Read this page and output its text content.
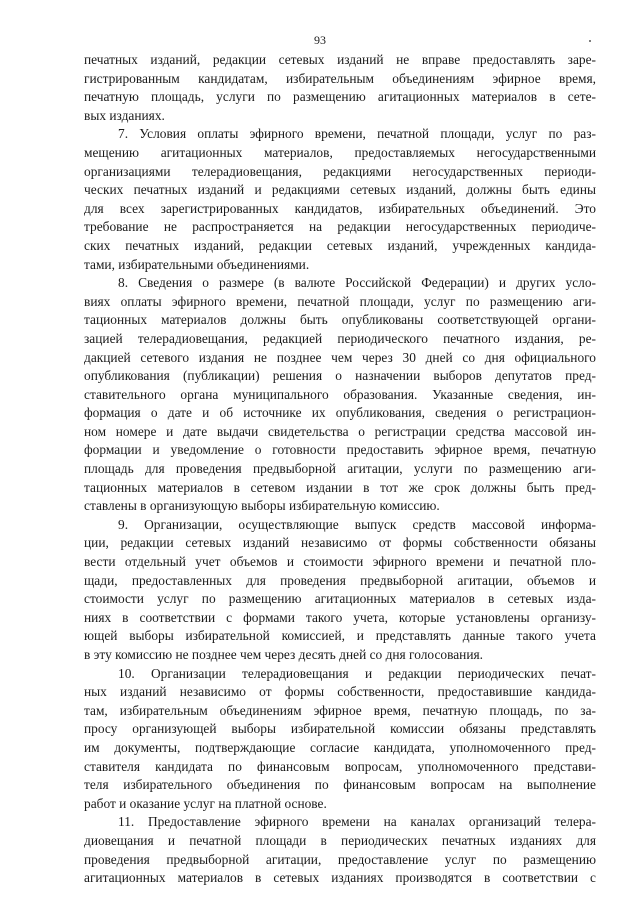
93
печатных изданий, редакции сетевых изданий не вправе предоставлять заре-
гистрированным кандидатам, избирательным объединениям эфирное время,
печатную площадь, услуги по размещению агитационных материалов в сете-
вых изданиях.
7. Условия оплаты эфирного времени, печатной площади, услуг по раз-
мещению агитационных материалов, предоставляемых негосударственными
организациями телерадиовещания, редакциями негосударственных периоди-
ческих печатных изданий и редакциями сетевых изданий, должны быть едины
для всех зарегистрированных кандидатов, избирательных объединений. Это
требование не распространяется на редакции негосударственных периодиче-
ских печатных изданий, редакции сетевых изданий, учрежденных кандида-
тами, избирательными объединениями.
8. Сведения о размере (в валюте Российской Федерации) и других усло-
виях оплаты эфирного времени, печатной площади, услуг по размещению аги-
тационных материалов должны быть опубликованы соответствующей органи-
зацией телерадиовещания, редакцией периодического печатного издания, ре-
дакцией сетевого издания не позднее чем через 30 дней со дня официального
опубликования (публикации) решения о назначении выборов депутатов пред-
ставительного органа муниципального образования. Указанные сведения, ин-
формация о дате и об источнике их опубликования, сведения о регистрацион-
ном номере и дате выдачи свидетельства о регистрации средства массовой ин-
формации и уведомление о готовности предоставить эфирное время, печатную
площадь для проведения предвыборной агитации, услуги по размещению аги-
тационных материалов в сетевом издании в тот же срок должны быть пред-
ставлены в организующую выборы избирательную комиссию.
9. Организации, осуществляющие выпуск средств массовой информа-
ции, редакции сетевых изданий независимо от формы собственности обязаны
вести отдельный учет объемов и стоимости эфирного времени и печатной пло-
щади, предоставленных для проведения предвыборной агитации, объемов и
стоимости услуг по размещению агитационных материалов в сетевых изда-
ниях в соответствии с формами такого учета, которые установлены организу-
ющей выборы избирательной комиссией, и представлять данные такого учета
в эту комиссию не позднее чем через десять дней со дня голосования.
10. Организации телерадиовещания и редакции периодических печат-
ных изданий независимо от формы собственности, предоставившие кандида-
там, избирательным объединениям эфирное время, печатную площадь, по за-
просу организующей выборы избирательной комиссии обязаны представлять
им документы, подтверждающие согласие кандидата, уполномоченного пред-
ставителя кандидата по финансовым вопросам, уполномоченного представи-
теля избирательного объединения по финансовым вопросам на выполнение
работ и оказание услуг на платной основе.
11. Предоставление эфирного времени на каналах организаций телера-
диовещания и печатной площади в периодических печатных изданиях для
проведения предвыборной агитации, предоставление услуг по размещению
агитационных материалов в сетевых изданиях производятся в соответствии с
